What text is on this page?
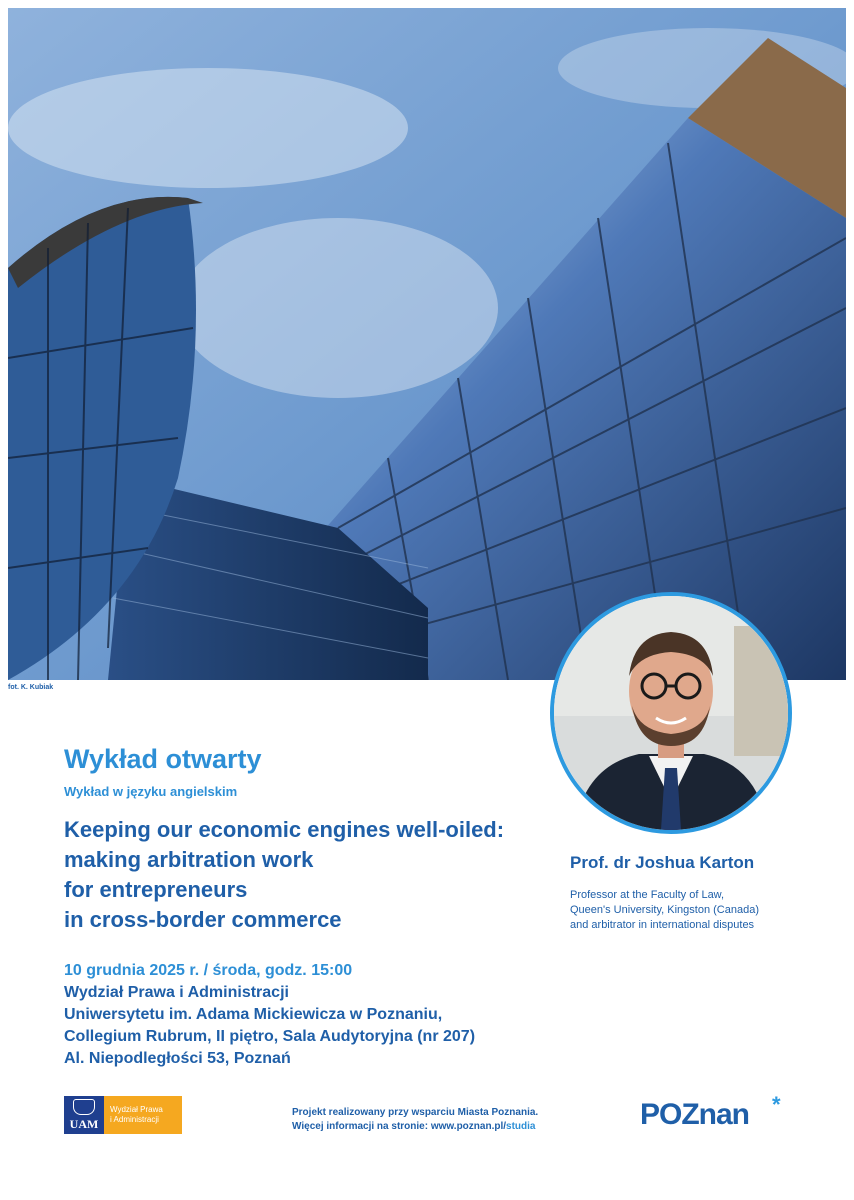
fot. K. Kubiak
Wykład otwarty
Wykład w języku angielskim
Keeping our economic engines well-oiled:
making arbitration work
for entrepreneurs
in cross-border commerce
Prof. dr Joshua Karton
Professor at the Faculty of Law,
Queen's University, Kingston (Canada)
and arbitrator in international disputes
10 grudnia 2025 r. / środa, godz. 15:00
Wydział Prawa i Administracji
Uniwersytetu im. Adama Mickiewicza w Poznaniu,
Collegium Rubrum, II piętro, Sala Audytoryjna (nr 207)
Al. Niepodległości 53, Poznań
UAM
Wydział Prawa
i Administracji
Projekt realizowany przy wsparciu Miasta Poznania.
Więcej informacji na stronie: www.poznan.pl/studia	POZnan *
